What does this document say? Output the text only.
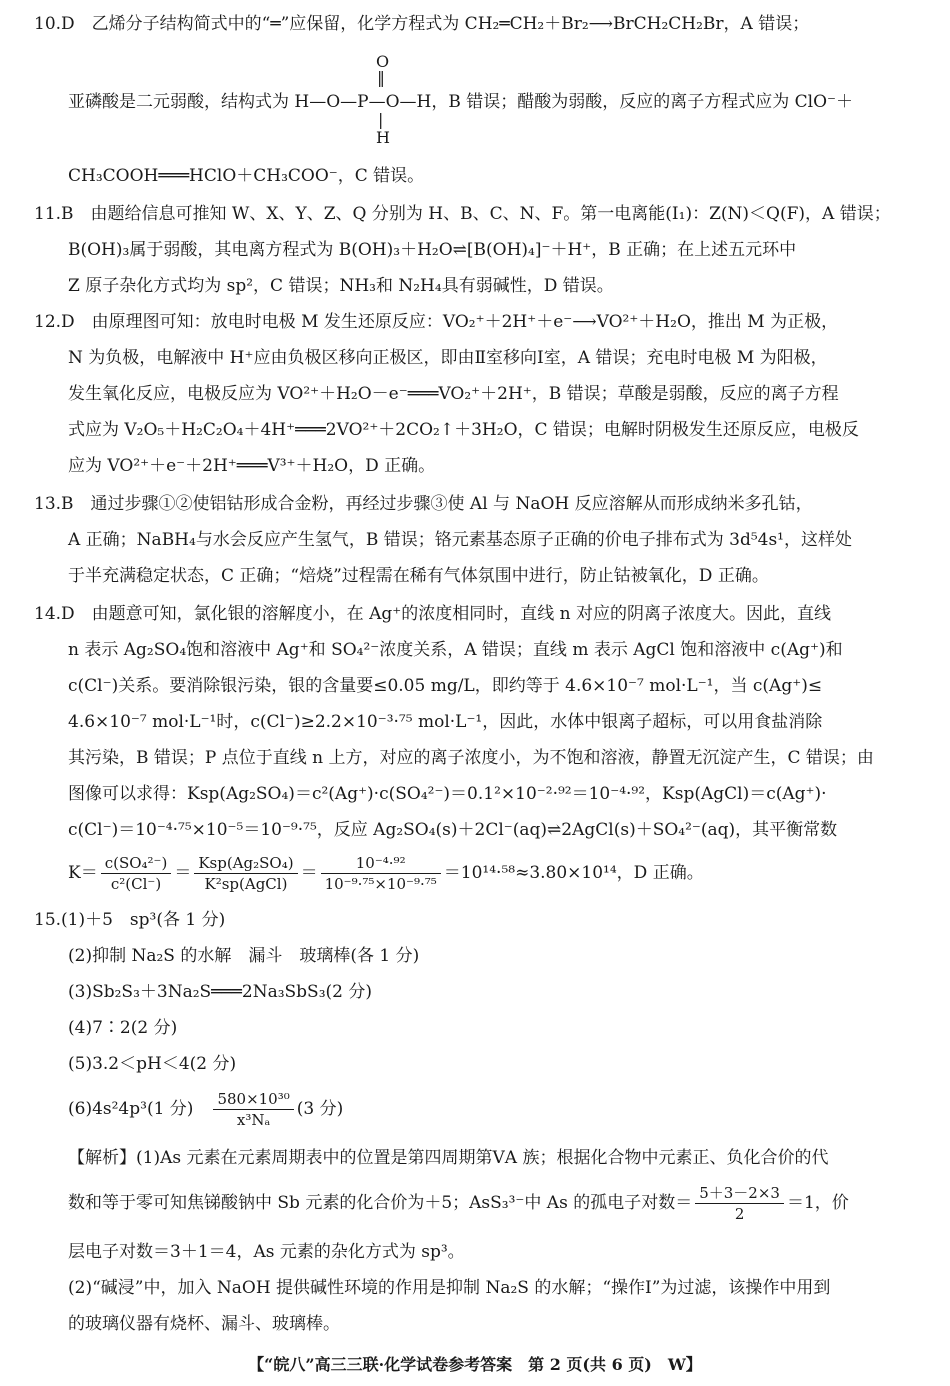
10.D　乙烯分子结构简式中的“═”应保留，化学方程式为 CH₂═CH₂＋Br₂⟶BrCH₂CH₂Br，A 错误；
O
‖
亚磷酸是二元弱酸，结构式为 H—O—P—O—H，B 错误；醋酸为弱酸，反应的离子方程式应为 ClO⁻＋
|
H
CH₃COOH═══HClO＋CH₃COO⁻，C 错误。
11.B　由题给信息可推知 W、X、Y、Z、Q 分别为 H、B、C、N、F。第一电离能(I₁)：Z(N)＜Q(F)，A 错误；
B(OH)₃属于弱酸，其电离方程式为 B(OH)₃＋H₂O⇌[B(OH)₄]⁻＋H⁺，B 正确；在上述五元环中
Z 原子杂化方式均为 sp²，C 错误；NH₃和 N₂H₄具有弱碱性，D 错误。
12.D　由原理图可知：放电时电极 M 发生还原反应：VO₂⁺＋2H⁺＋e⁻⟶VO²⁺＋H₂O，推出 M 为正极，
N 为负极，电解液中 H⁺应由负极区移向正极区，即由Ⅱ室移向Ⅰ室，A 错误；充电时电极 M 为阳极，
发生氧化反应，电极反应为 VO²⁺＋H₂O－e⁻═══VO₂⁺＋2H⁺，B 错误；草酸是弱酸，反应的离子方程
式应为 V₂O₅＋H₂C₂O₄＋4H⁺═══2VO²⁺＋2CO₂↑＋3H₂O，C 错误；电解时阴极发生还原反应，电极反
应为 VO²⁺＋e⁻＋2H⁺═══V³⁺＋H₂O，D 正确。
13.B　通过步骤①②使铝钴形成合金粉，再经过步骤③使 Al 与 NaOH 反应溶解从而形成纳米多孔钴，
A 正确；NaBH₄与水会反应产生氢气，B 错误；铬元素基态原子正确的价电子排布式为 3d⁵4s¹，这样处
于半充满稳定状态，C 正确；“焙烧”过程需在稀有气体氛围中进行，防止钴被氧化，D 正确。
14.D　由题意可知，氯化银的溶解度小，在 Ag⁺的浓度相同时，直线 n 对应的阴离子浓度大。因此，直线
n 表示 Ag₂SO₄饱和溶液中 Ag⁺和 SO₄²⁻浓度关系，A 错误；直线 m 表示 AgCl 饱和溶液中 c(Ag⁺)和
c(Cl⁻)关系。要消除银污染，银的含量要≤0.05 mg/L，即约等于 4.6×10⁻⁷ mol·L⁻¹，当 c(Ag⁺)≤
4.6×10⁻⁷ mol·L⁻¹时，c(Cl⁻)≥2.2×10⁻³·⁷⁵ mol·L⁻¹，因此，水体中银离子超标，可以用食盐消除
其污染，B 错误；P 点位于直线 n 上方，对应的离子浓度小，为不饱和溶液，静置无沉淀产生，C 错误；由
图像可以求得：Ksp(Ag₂SO₄)＝c²(Ag⁺)·c(SO₄²⁻)＝0.1²×10⁻²·⁹²＝10⁻⁴·⁹²，Ksp(AgCl)＝c(Ag⁺)·
c(Cl⁻)＝10⁻⁴·⁷⁵×10⁻⁵＝10⁻⁹·⁷⁵，反应 Ag₂SO₄(s)＋2Cl⁻(aq)⇌2AgCl(s)＋SO₄²⁻(aq)，其平衡常数
$K= \frac{\text{c(SO₄²⁻)}}{\text{c²(Cl⁻)}} = \frac{\text{Ksp(Ag₂SO₄)}}{\text{K²sp(AgCl)}} = \frac{\text{10⁻⁴·⁹²}}{\text{10⁻⁹·⁷⁵×10⁻⁹·⁷⁵}} =10^{14}\cdot^{58}\approx 3.80\times 10^{14}$，D 正确。
15.(1)＋5　sp³(各 1 分)
(2)抑制 Na₂S 的水解　漏斗　玻璃棒(各 1 分)
(3)Sb₂S₃＋3Na₂S═══2Na₃SbS₃(2 分)
(4)7∶2(2 分)
(5)3.2＜pH＜4(2 分)
(6)4s²4p³(1 分)　 $\frac{\text{580×10³⁰}}{\text{x³Nₐ}} (3$ 分)
【解析】(1)As 元素在元素周期表中的位置是第四周期第ⅤA 族；根据化合物中元素正、负化合价的代
数和等于零可知焦锑酸钠中 Sb 元素的化合价为＋5；AsS₃³⁻中 As 的孤电子对数＝ $\frac{5+3-2\times 3}{2} =1$，价
层电子对数＝3＋1＝4，As 元素的杂化方式为 sp³。
(2)“碱浸”中，加入 NaOH 提供碱性环境的作用是抑制 Na₂S 的水解；“操作Ⅰ”为过滤，该操作中用到
的玻璃仪器有烧杯、漏斗、玻璃棒。
【“皖八”高三三联·化学试卷参考答案　第 2 页(共 6 页)　W】
